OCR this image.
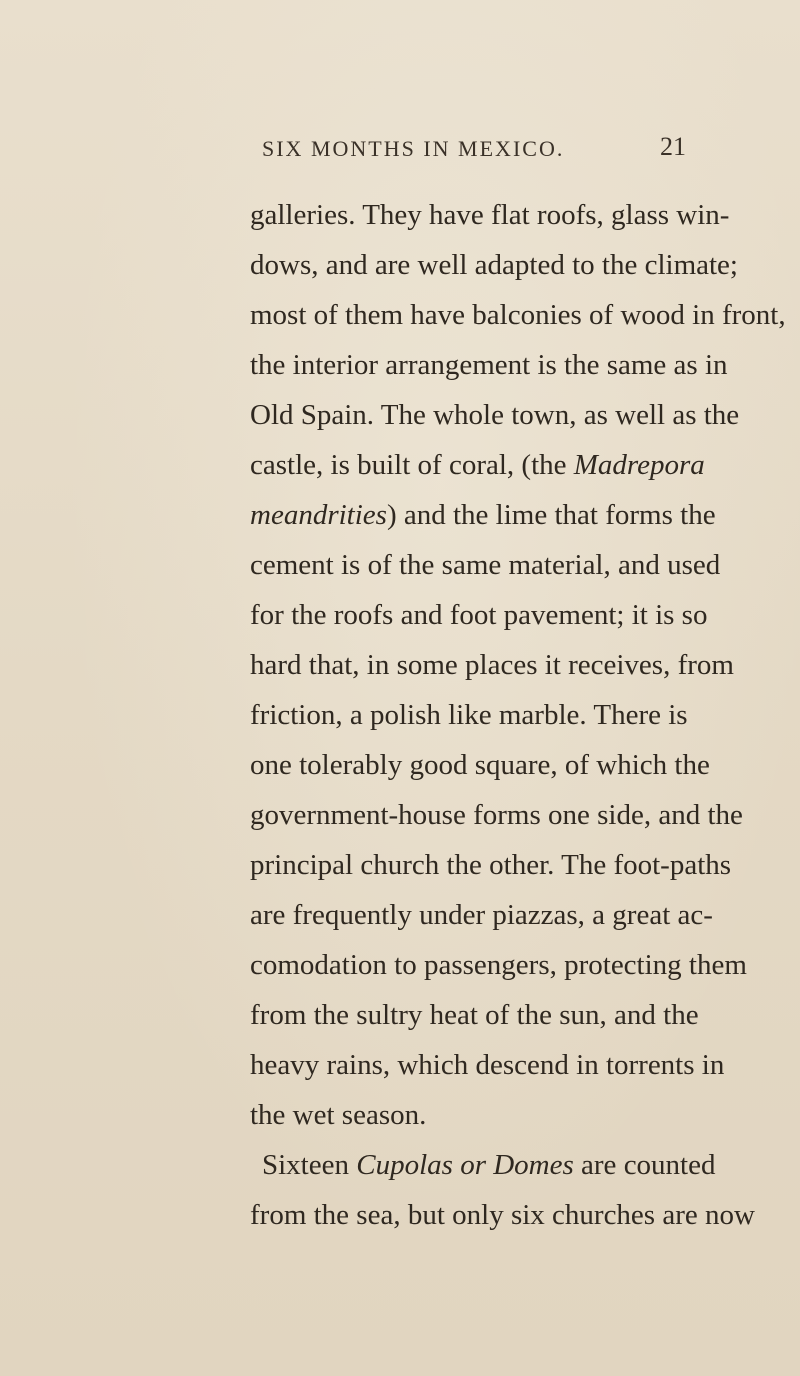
SIX MONTHS IN MEXICO.	21
galleries. They have flat roofs, glass win-
dows, and are well adapted to the climate;
most of them have balconies of wood in front,
the interior arrangement is the same as in
Old Spain. The whole town, as well as the
castle, is built of coral, (the Madrepora
meandrities) and the lime that forms the
cement is of the same material, and used
for the roofs and foot pavement; it is so
hard that, in some places it receives, from
friction, a polish like marble. There is
one tolerably good square, of which the
government-house forms one side, and the
principal church the other. The foot-paths
are frequently under piazzas, a great ac-
comodation to passengers, protecting them
from the sultry heat of the sun, and the
heavy rains, which descend in torrents in
the wet season.
Sixteen Cupolas or Domes are counted
from the sea, but only six churches are now
